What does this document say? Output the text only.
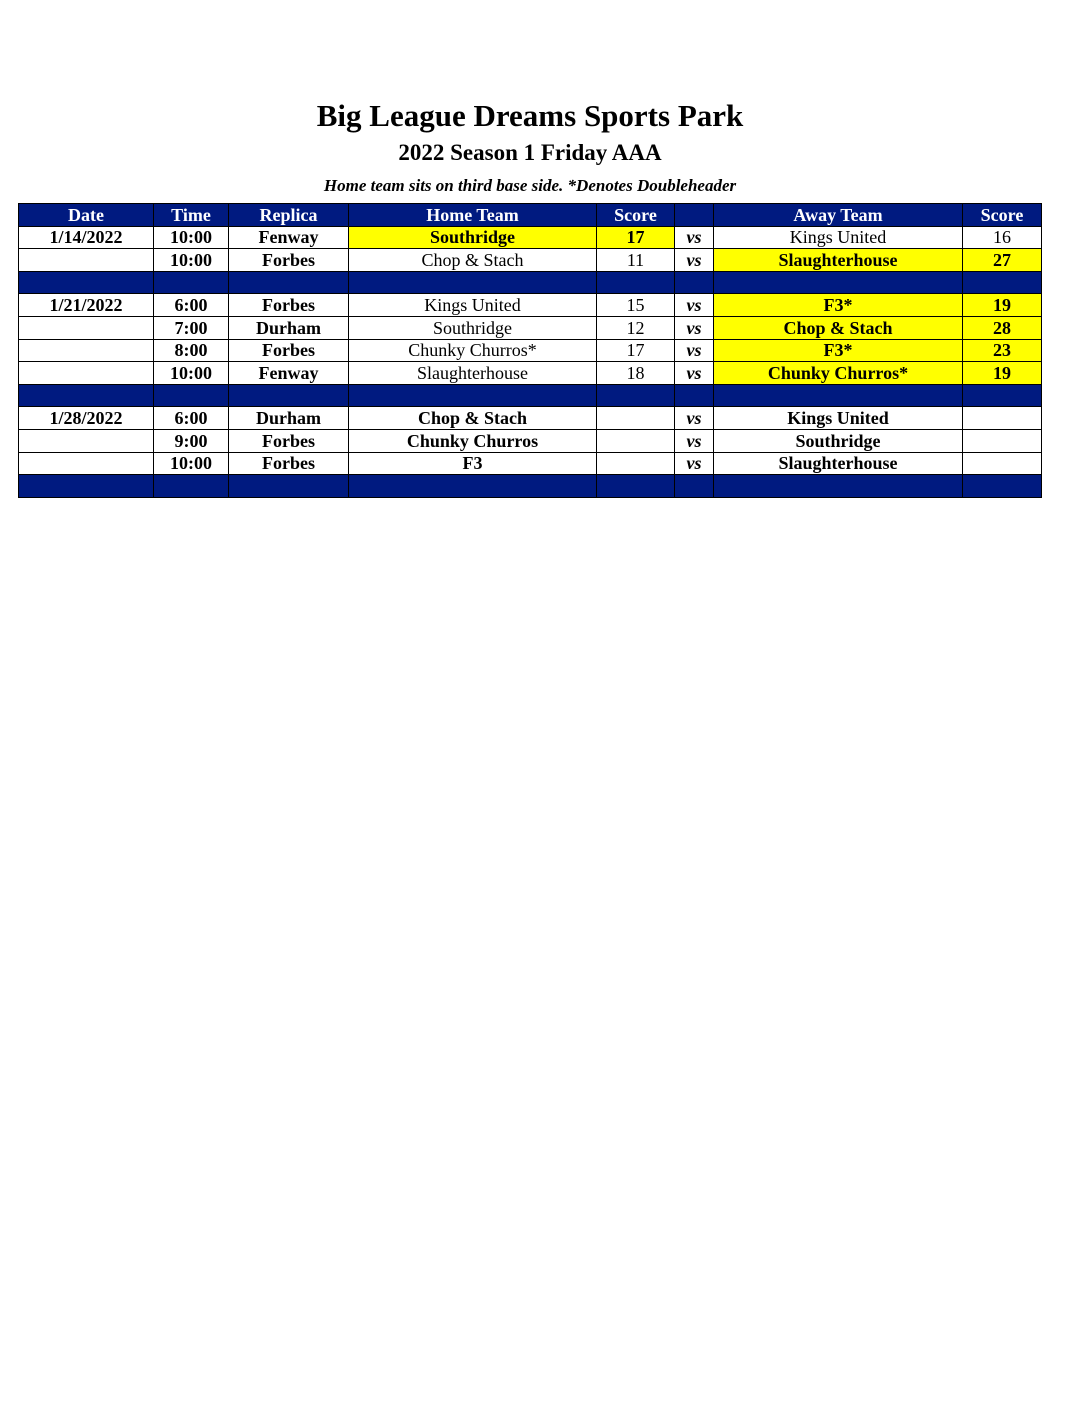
Big League Dreams Sports Park
2022 Season 1 Friday AAA
Home team sits on third base side. *Denotes Doubleheader
Date	Time	Replica	Home Team	Score		Away Team	Score
1/14/2022	10:00	Fenway	Southridge	17	vs	Kings United	16
	10:00	Forbes	Chop & Stach	11	vs	Slaughterhouse	27

1/21/2022	6:00	Forbes	Kings United	15	vs	F3*	19
	7:00	Durham	Southridge	12	vs	Chop & Stach	28
	8:00	Forbes	Chunky Churros*	17	vs	F3*	23
	10:00	Fenway	Slaughterhouse	18	vs	Chunky Churros*	19

1/28/2022	6:00	Durham	Chop & Stach		vs	Kings United	
	9:00	Forbes	Chunky Churros		vs	Southridge	
	10:00	Forbes	F3		vs	Slaughterhouse	
